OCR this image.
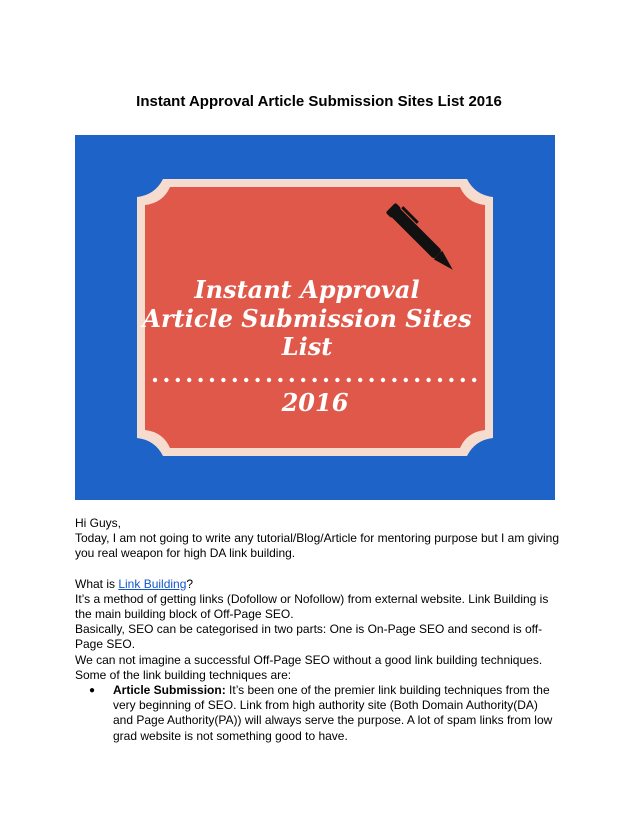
Instant Approval Article Submission Sites List 2016
Instant Approval
Article Submission Sites
List
2016

Hi Guys,

Today, I am not going to write any tutorial/Blog/Article for mentoring purpose but I am giving you real weapon for high DA link building.

What is Link Building?

It’s a method of getting links (Dofollow or Nofollow) from external website. Link Building is the main building block of Off-Page SEO.

Basically, SEO can be categorised in two parts: One is On-Page SEO and second is off-Page SEO.

We can not imagine a successful Off-Page SEO without a good link building techniques.

Some of the link building techniques are:

● Article Submission: It’s been one of the premier link building techniques from the very beginning of SEO. Link from high authority site (Both Domain Authority(DA) and Page Authority(PA)) will always serve the purpose. A lot of spam links from low grad website is not something good to have.
